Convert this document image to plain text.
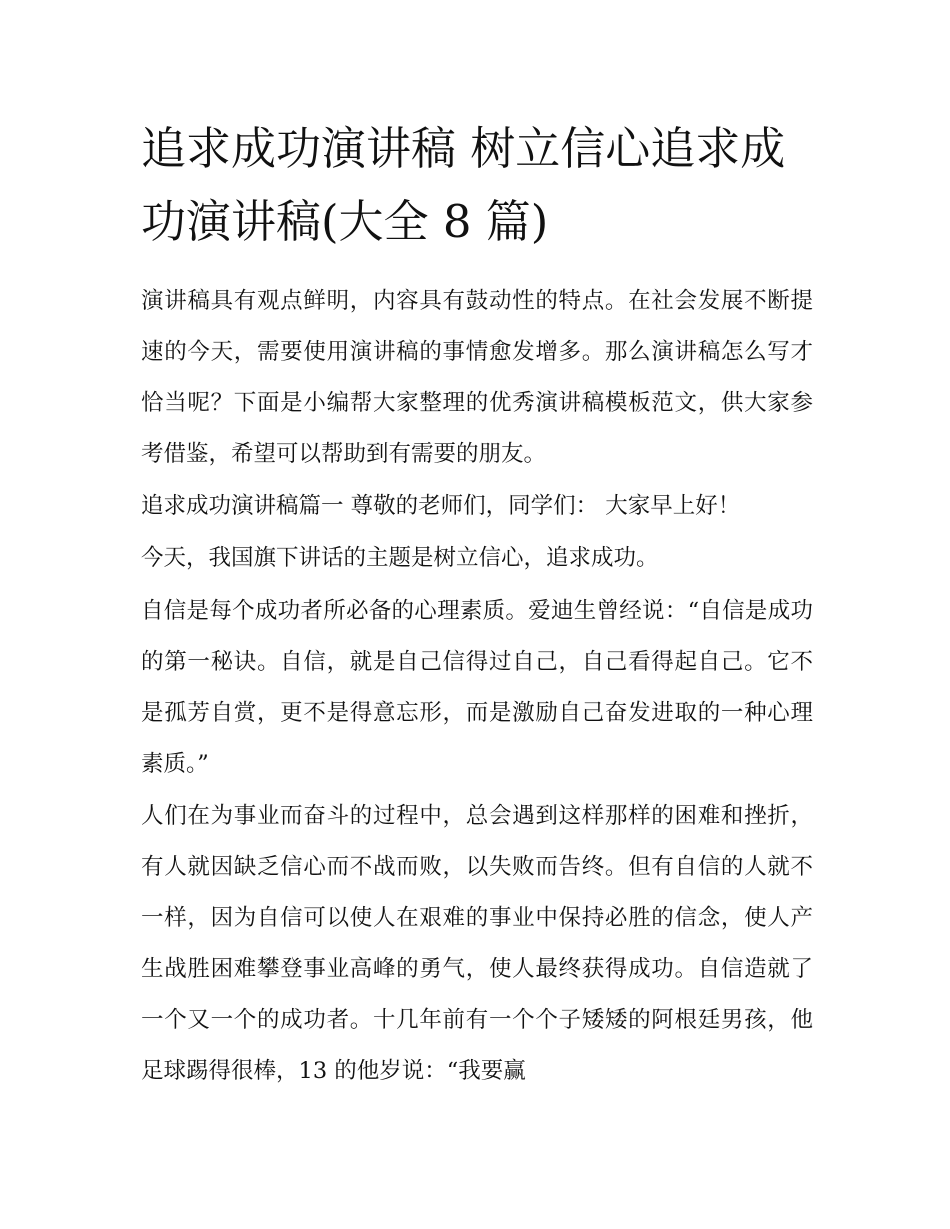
追求成功演讲稿 树立信心追求成功演讲稿(大全 8 篇)

演讲稿具有观点鲜明，内容具有鼓动性的特点。在社会发展不断提速的今天，需要使用演讲稿的事情愈发增多。那么演讲稿怎么写才恰当呢？下面是小编帮大家整理的优秀演讲稿模板范文，供大家参考借鉴，希望可以帮助到有需要的朋友。

追求成功演讲稿篇一 尊敬的老师们，同学们： 大家早上好！

今天，我国旗下讲话的主题是树立信心，追求成功。

自信是每个成功者所必备的心理素质。爱迪生曾经说：“自信是成功的第一秘诀。自信，就是自己信得过自己，自己看得起自己。它不是孤芳自赏，更不是得意忘形，而是激励自己奋发进取的一种心理素质。”

人们在为事业而奋斗的过程中，总会遇到这样那样的困难和挫折，有人就因缺乏信心而不战而败，以失败而告终。但有自信的人就不一样，因为自信可以使人在艰难的事业中保持必胜的信念，使人产生战胜困难攀登事业高峰的勇气，使人最终获得成功。自信造就了一个又一个的成功者。十几年前有一个个子矮矮的阿根廷男孩，他足球踢得很棒，13 的他岁说：“我要赢
